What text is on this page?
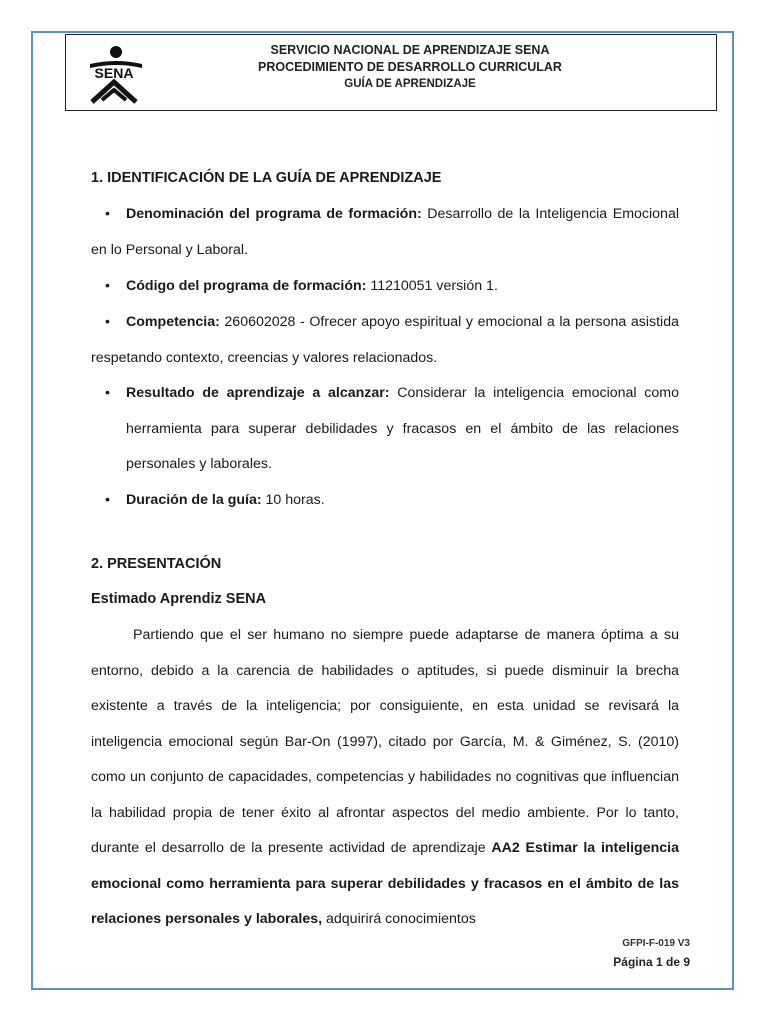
SENA
SERVICIO NACIONAL DE APRENDIZAJE SENA
PROCEDIMIENTO DE DESARROLLO CURRICULAR
GUÍA DE APRENDIZAJE
1. IDENTIFICACIÓN DE LA GUÍA DE APRENDIZAJE
• Denominación del programa de formación: Desarrollo de la Inteligencia Emocional en lo Personal y Laboral.
• Código del programa de formación: 11210051 versión 1.
• Competencia: 260602028 - Ofrecer apoyo espiritual y emocional a la persona asistida respetando contexto, creencias y valores relacionados.
• Resultado de aprendizaje a alcanzar: Considerar la inteligencia emocional como herramienta para superar debilidades y fracasos en el ámbito de las relaciones personales y laborales.
• Duración de la guía: 10 horas.
2. PRESENTACIÓN
Estimado Aprendiz SENA
Partiendo que el ser humano no siempre puede adaptarse de manera óptima a su entorno, debido a la carencia de habilidades o aptitudes, si puede disminuir la brecha existente a través de la inteligencia; por consiguiente, en esta unidad se revisará la inteligencia emocional según Bar-On (1997), citado por García, M. & Giménez, S. (2010) como un conjunto de capacidades, competencias y habilidades no cognitivas que influencian la habilidad propia de tener éxito al afrontar aspectos del medio ambiente. Por lo tanto, durante el desarrollo de la presente actividad de aprendizaje AA2 Estimar la inteligencia emocional como herramienta para superar debilidades y fracasos en el ámbito de las relaciones personales y laborales, adquirirá conocimientos
GFPI-F-019 V3
Página 1 de 9
